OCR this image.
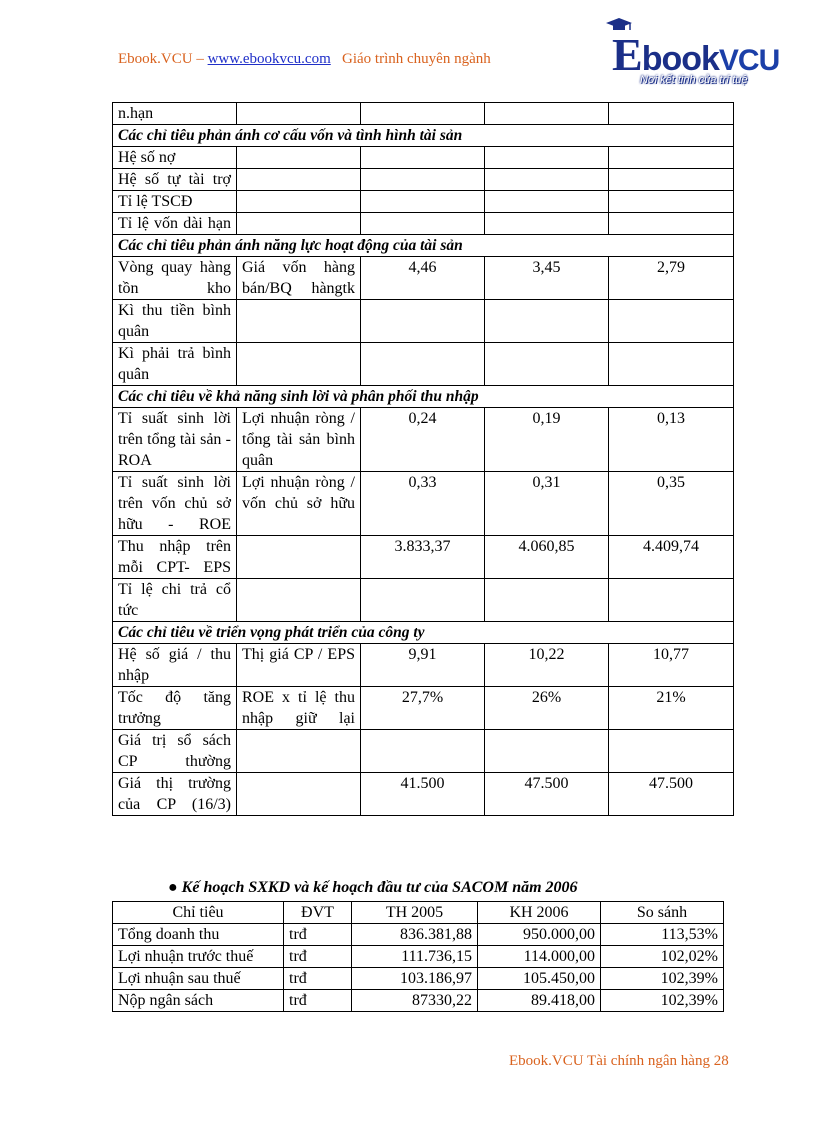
Ebook.VCU – www.ebookvcu.com Giáo trình chuyên ngành	EbookVCU
Nơi kết tinh của trí tuệ
n.hạn				
Các chỉ tiêu phản ánh cơ cấu vốn và tình hình tài sản				
Hệ số nợ				
Hệ số tự tài trợ				
Tỉ lệ TSCĐ				
Tỉ lệ vốn dài hạn				
Các chỉ tiêu phản ánh năng lực hoạt động của tài sản				
Vòng quay hàng tồn kho	Giá vốn hàng bán/BQ hàngtk	4,46	3,45	2,79
Kì thu tiền bình quân				
Kì phải trả bình quân				
Các chỉ tiêu về khả năng sinh lời và phân phối thu nhập				
Tỉ suất sinh lời trên tổng tài sản - ROA	Lợi nhuận ròng / tổng tài sản bình quân	0,24	0,19	0,13
Tỉ suất sinh lời trên vốn chủ sở hữu - ROE	Lợi nhuận ròng / vốn chủ sở hữu	0,33	0,31	0,35
Thu nhập trên mỗi CPT- EPS		3.833,37	4.060,85	4.409,74
Tỉ lệ chi trả cổ tức				
Các chỉ tiêu về triển vọng phát triển của công ty				
Hệ số giá / thu nhập	Thị giá CP / EPS	9,91	10,22	10,77
Tốc độ tăng trưởng	ROE x tỉ lệ thu nhập giữ lại	27,7%	26%	21%
Giá trị sổ sách CP thường				
Giá thị trường của CP (16/3)		41.500	47.500	47.500
● Kế hoạch SXKD và kế hoạch đầu tư của SACOM năm 2006
Chỉ tiêu	ĐVT	TH 2005	KH 2006	So sánh
Tổng doanh thu	trđ	836.381,88	950.000,00	113,53%
Lợi nhuận trước thuế	trđ	111.736,15	114.000,00	102,02%
Lợi nhuận sau thuế	trđ	103.186,97	105.450,00	102,39%
Nộp ngân sách	trđ	87330,22	89.418,00	102,39%
Ebook.VCU Tài chính ngân hàng 28
